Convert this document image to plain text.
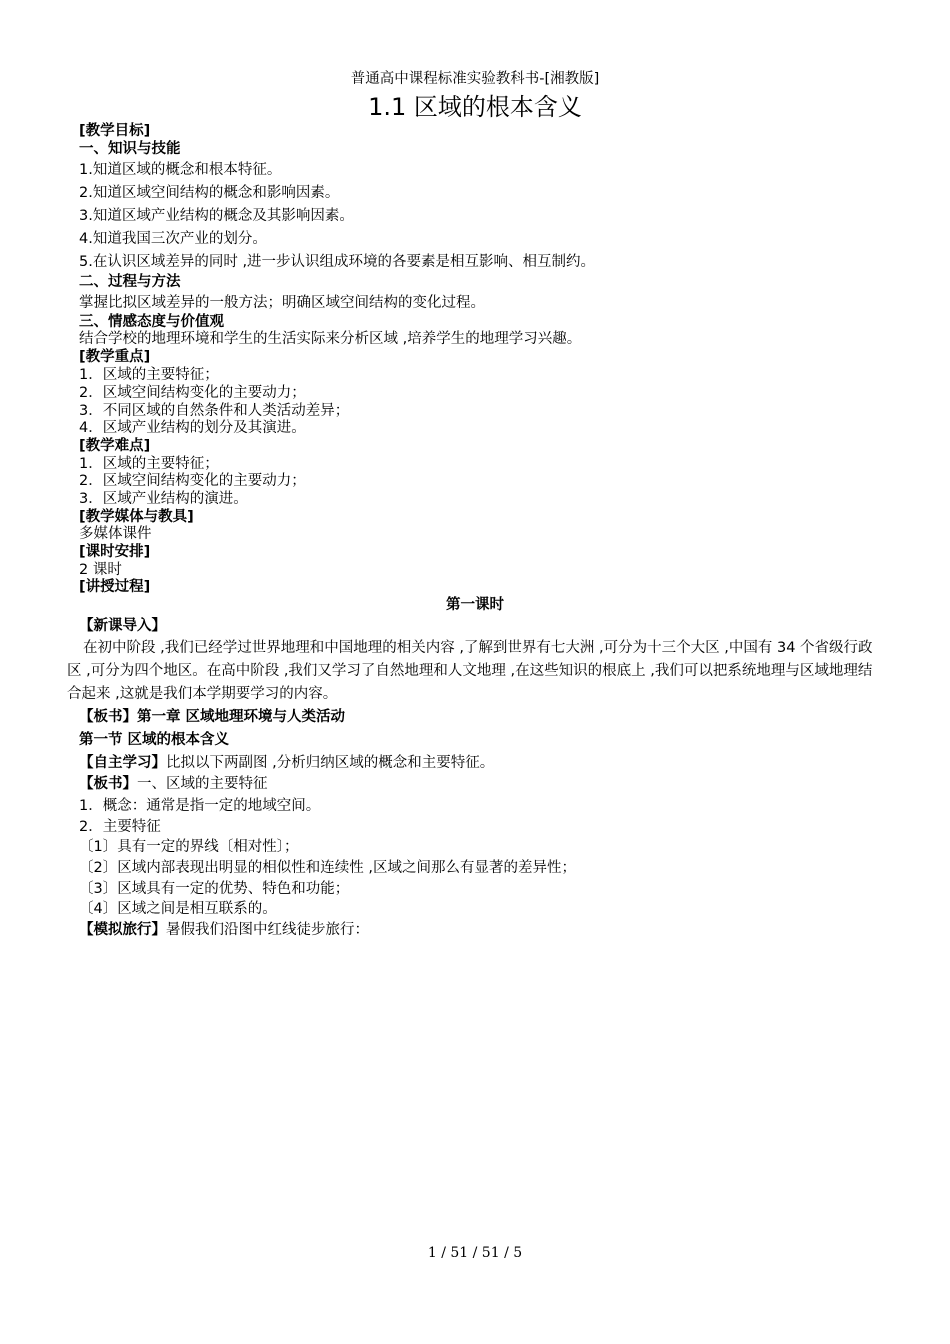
普通高中课程标准实验教科书-[湘教版]
1.1 区域的根本含义
[教学目标]
一、知识与技能
1.知道区域的概念和根本特征。
2.知道区域空间结构的概念和影响因素。
3.知道区域产业结构的概念及其影响因素。
4.知道我国三次产业的划分。
5.在认识区域差异的同时 ,进一步认识组成环境的各要素是相互影响、相互制约。
二、过程与方法
掌握比拟区域差异的一般方法；明确区域空间结构的变化过程。
三、情感态度与价值观
结合学校的地理环境和学生的生活实际来分析区域 ,培养学生的地理学习兴趣。
[教学重点]
1．区域的主要特征；
2．区域空间结构变化的主要动力；
3．不同区域的自然条件和人类活动差异；
4．区域产业结构的划分及其演进。
[教学难点]
1．区域的主要特征；
2．区域空间结构变化的主要动力；
3．区域产业结构的演进。
[教学媒体与教具]
多媒体课件
[课时安排]
2 课时
[讲授过程]
第一课时
【新课导入】
在初中阶段 ,我们已经学过世界地理和中国地理的相关内容 ,了解到世界有七大洲 ,可分为十三个大区 ,中国有 34 个省级行政区 ,可分为四个地区。在高中阶段 ,我们又学习了自然地理和人文地理 ,在这些知识的根底上 ,我们可以把系统地理与区域地理结合起来 ,这就是我们本学期要学习的内容。
【板书】第一章 区域地理环境与人类活动
第一节 区域的根本含义
【自主学习】比拟以下两副图 ,分析归纳区域的概念和主要特征。
【板书】一、区域的主要特征
1．概念：通常是指一定的地域空间。
2．主要特征
〔1〕具有一定的界线〔相对性〕；
〔2〕区域内部表现出明显的相似性和连续性 ,区域之间那么有显著的差异性；
〔3〕区域具有一定的优势、特色和功能；
〔4〕区域之间是相互联系的。
【模拟旅行】暑假我们沿图中红线徒步旅行：
1 / 51 / 51 / 5
